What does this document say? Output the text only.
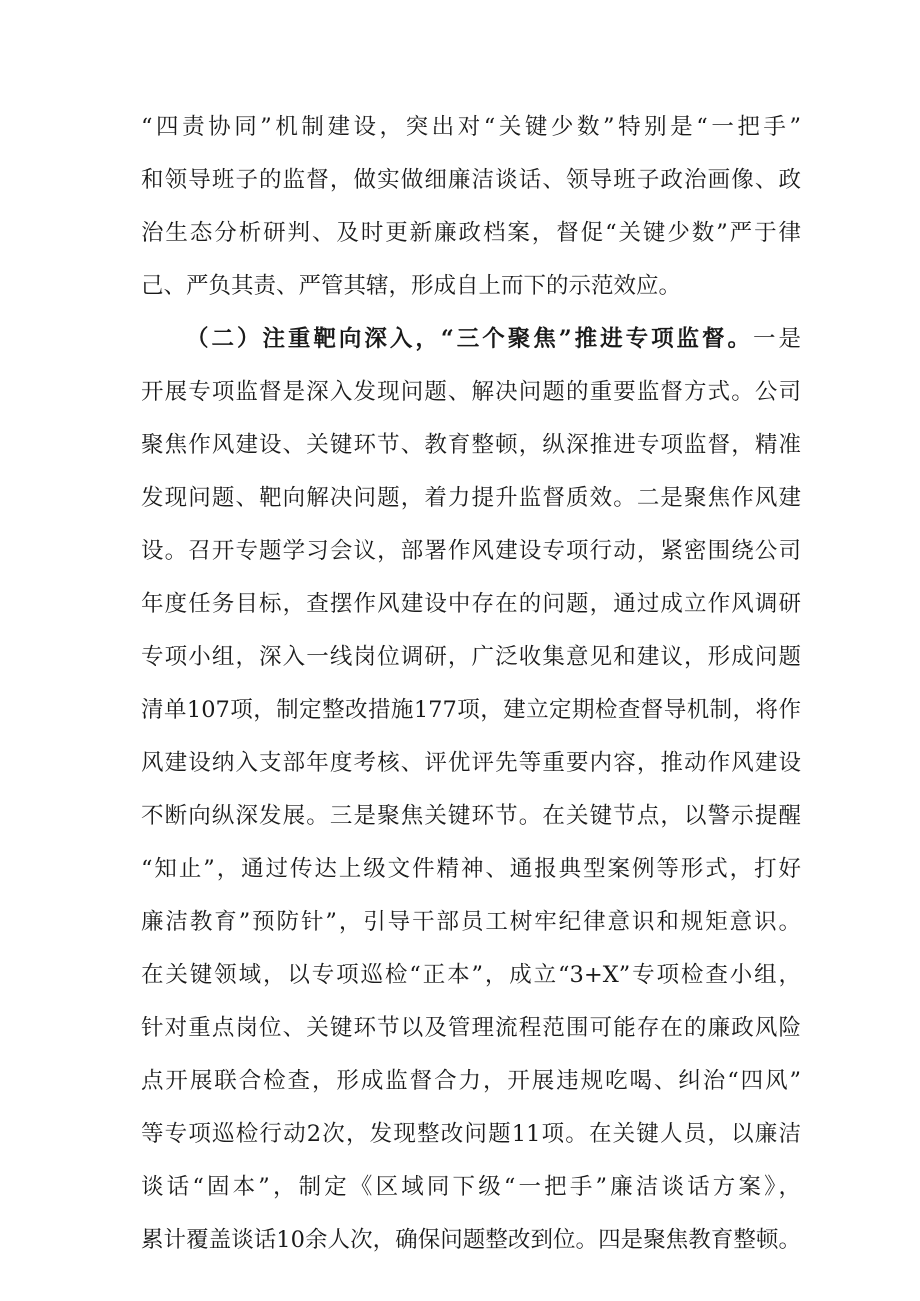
“四责协同”机制建设，突出对“关键少数”特别是“一把手”
和领导班子的监督，做实做细廉洁谈话、领导班子政治画像、政
治生态分析研判、及时更新廉政档案，督促“关键少数”严于律
己、严负其责、严管其辖，形成自上而下的示范效应。
（二）注重靶向深入，“三个聚焦”推进专项监督。一是
开展专项监督是深入发现问题、解决问题的重要监督方式。公司
聚焦作风建设、关键环节、教育整顿，纵深推进专项监督，精准
发现问题、靶向解决问题，着力提升监督质效。二是聚焦作风建
设。召开专题学习会议，部署作风建设专项行动，紧密围绕公司
年度任务目标，查摆作风建设中存在的问题，通过成立作风调研
专项小组，深入一线岗位调研，广泛收集意见和建议，形成问题
清单107项，制定整改措施177项，建立定期检查督导机制，将作
风建设纳入支部年度考核、评优评先等重要内容，推动作风建设
不断向纵深发展。三是聚焦关键环节。在关键节点，以警示提醒
“知止”，通过传达上级文件精神、通报典型案例等形式，打好
廉洁教育”预防针”，引导干部员工树牢纪律意识和规矩意识。
在关键领域，以专项巡检“正本”，成立“3+X”专项检查小组，
针对重点岗位、关键环节以及管理流程范围可能存在的廉政风险
点开展联合检查，形成监督合力，开展违规吃喝、纠治“四风”
等专项巡检行动2次，发现整改问题11项。在关键人员，以廉洁
谈话“固本”，制定《区域同下级“一把手”廉洁谈话方案》，
累计覆盖谈话10余人次，确保问题整改到位。四是聚焦教育整顿。
